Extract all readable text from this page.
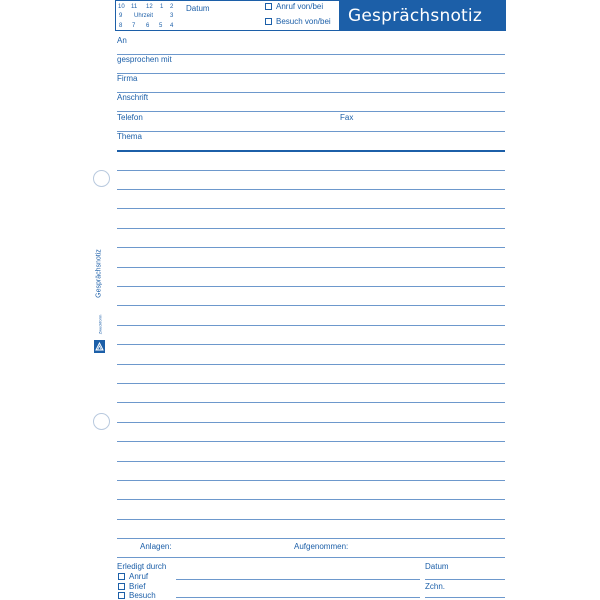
10 11 12 1 2
9 Uhrzeit	3
8 7 6 5 4
Datum	Anruf von/bei
Besuch von/bei Gesprächsnotiz
An
gesprochen mit
Firma
Anschrift
Telefon	Fax
Thema
Gesprächsnotiz
Zweckform
Anlagen:	Aufgenommen:
Erledigt durch	Datum
Anruf
Brief	Zchn.
Besuch
